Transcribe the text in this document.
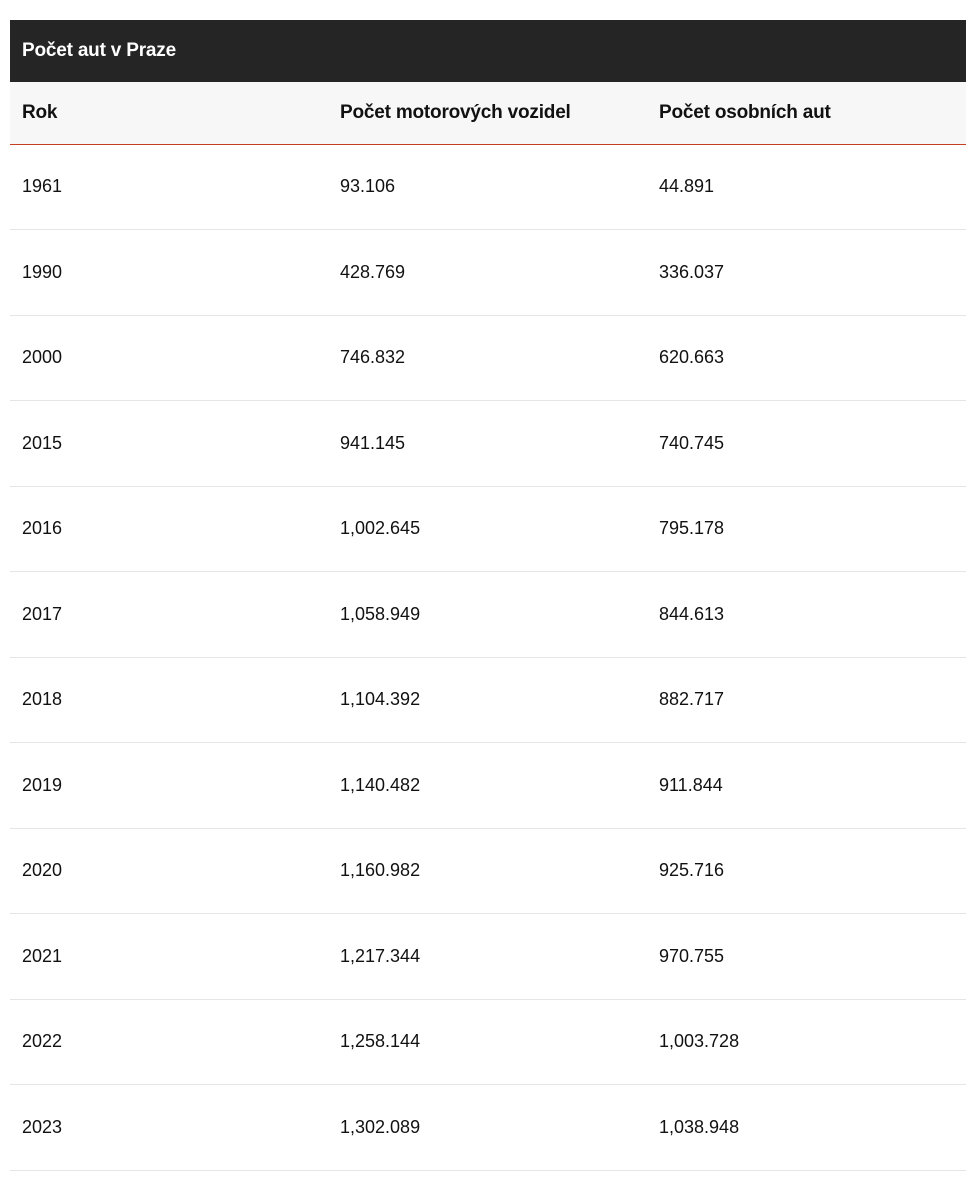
Počet aut v Praze
Rok	Počet motorových vozidel	Počet osobních aut
1961	93.106	44.891
1990	428.769	336.037
2000	746.832	620.663
2015	941.145	740.745
2016	1,002.645	795.178
2017	1,058.949	844.613
2018	1,104.392	882.717
2019	1,140.482	911.844
2020	1,160.982	925.716
2021	1,217.344	970.755
2022	1,258.144	1,003.728
2023	1,302.089	1,038.948
